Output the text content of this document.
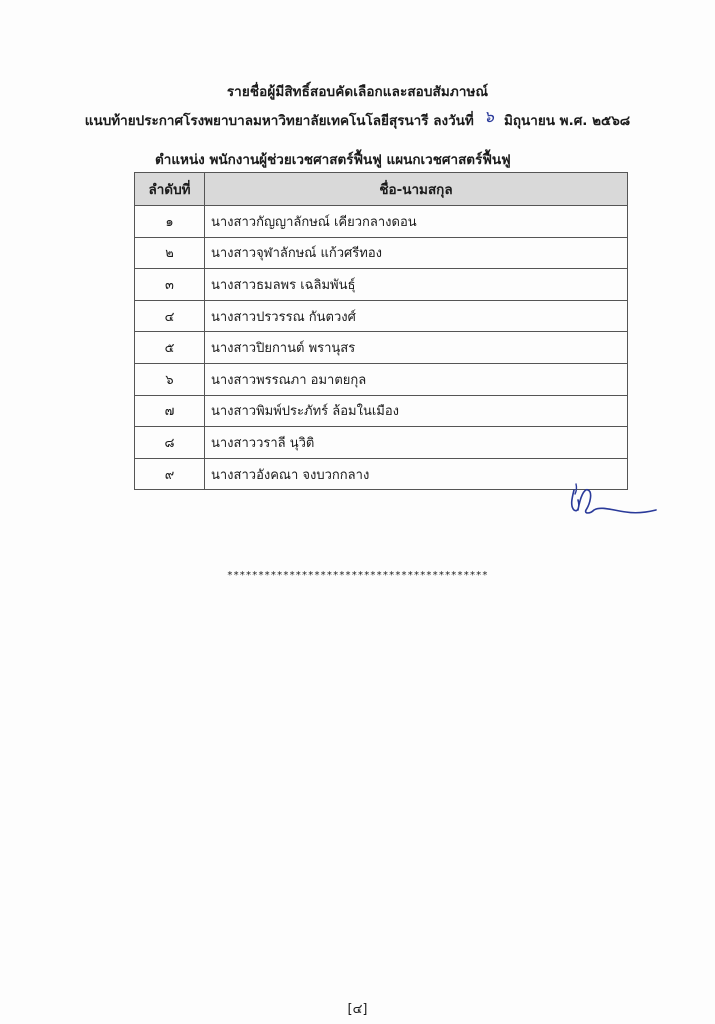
รายชื่อผู้มีสิทธิ์สอบคัดเลือกและสอบสัมภาษณ์
แนบท้ายประกาศโรงพยาบาลมหาวิทยาลัยเทคโนโลยีสุรนารี ลงวันที่ ๖ มิถุนายน พ.ศ. ๒๕๖๘
ตำแหน่ง พนักงานผู้ช่วยเวชศาสตร์ฟื้นฟู แผนกเวชศาสตร์ฟื้นฟู
ลำดับที่	ชื่อ-นามสกุล
๑	นางสาวกัญญาลักษณ์ เคียวกลางดอน
๒	นางสาวจุฬาลักษณ์ แก้วศรีทอง
๓	นางสาวธมลพร เฉลิมพันธุ์
๔	นางสาวปรวรรณ กันตวงศ์
๕	นางสาวปิยกานต์ พรานุสร
๖	นางสาวพรรณภา อมาตยกุล
๗	นางสาวพิมพ์ประภัทร์ ล้อมในเมือง
๘	นางสาววราลี นุวิติ
๙	นางสาวอังคณา จงบวกกลาง
******************************************
[๔]
